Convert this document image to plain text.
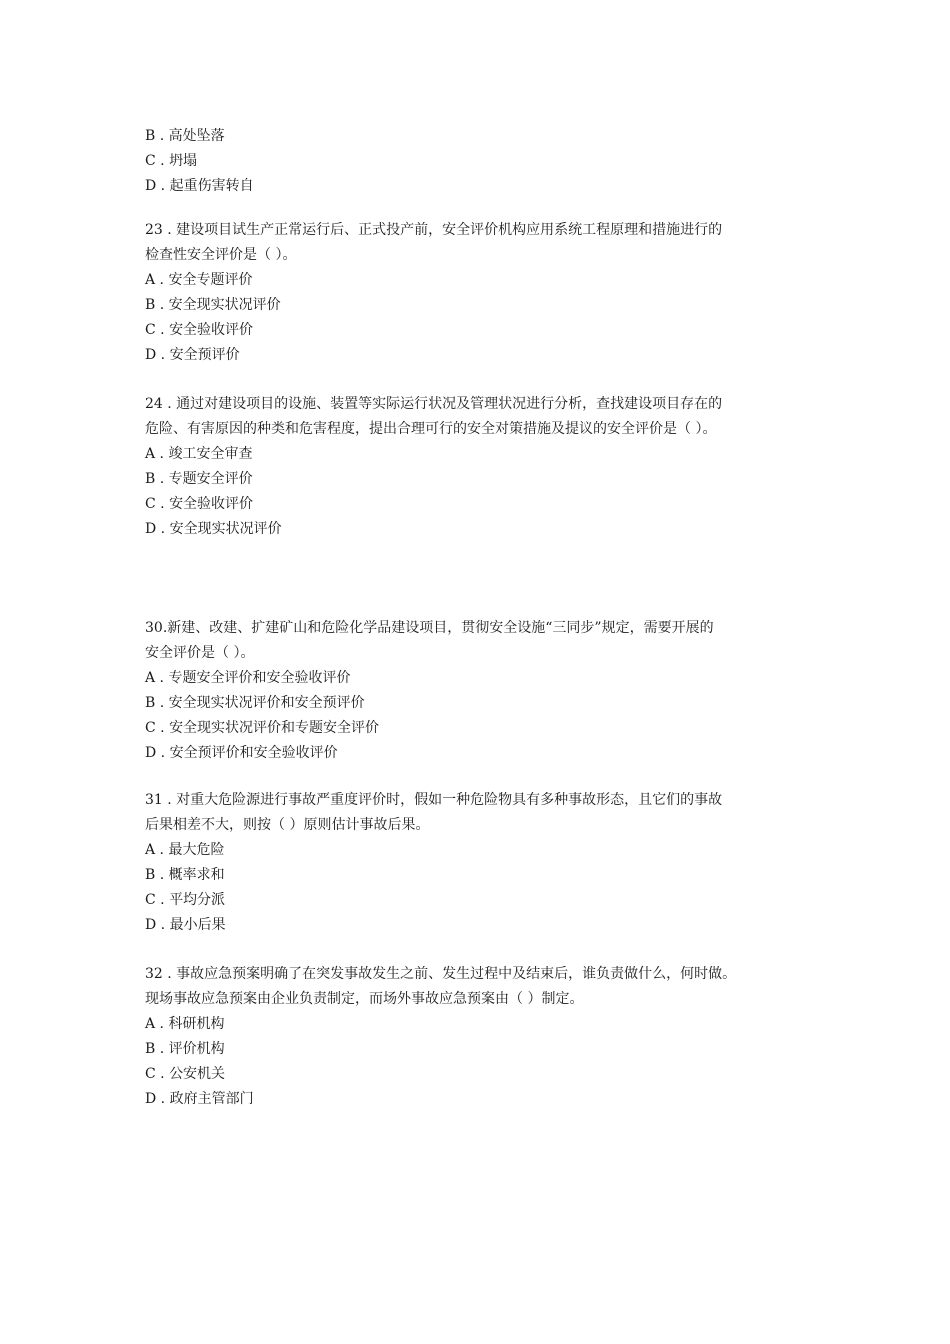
B . 高处坠落
C . 坍塌
D . 起重伤害转自
23 . 建设项目试生产正常运行后、正式投产前，安全评价机构应用系统工程原理和措施进行的
检查性安全评价是（ ）。
A . 安全专题评价
B . 安全现实状况评价
C . 安全验收评价
D . 安全预评价
24 . 通过对建设项目的设施、装置等实际运行状况及管理状况进行分析，查找建设项目存在的
危险、有害原因的种类和危害程度，提出合理可行的安全对策措施及提议的安全评价是（ ）。
A . 竣工安全审查
B . 专题安全评价
C . 安全验收评价
D . 安全现实状况评价
30.新建、改建、扩建矿山和危险化学品建设项目，贯彻安全设施“三同步”规定，需要开展的
安全评价是（ ）。
A . 专题安全评价和安全验收评价
B . 安全现实状况评价和安全预评价
C . 安全现实状况评价和专题安全评价
D . 安全预评价和安全验收评价
31 . 对重大危险源进行事故严重度评价时，假如一种危险物具有多种事故形态，且它们的事故
后果相差不大，则按（ ）原则估计事故后果。
A . 最大危险
B . 概率求和
C . 平均分派
D . 最小后果
32 . 事故应急预案明确了在突发事故发生之前、发生过程中及结束后，谁负责做什么，何时做。
现场事故应急预案由企业负责制定，而场外事故应急预案由（ ）制定。
A . 科研机构
B . 评价机构
C . 公安机关
D . 政府主管部门
